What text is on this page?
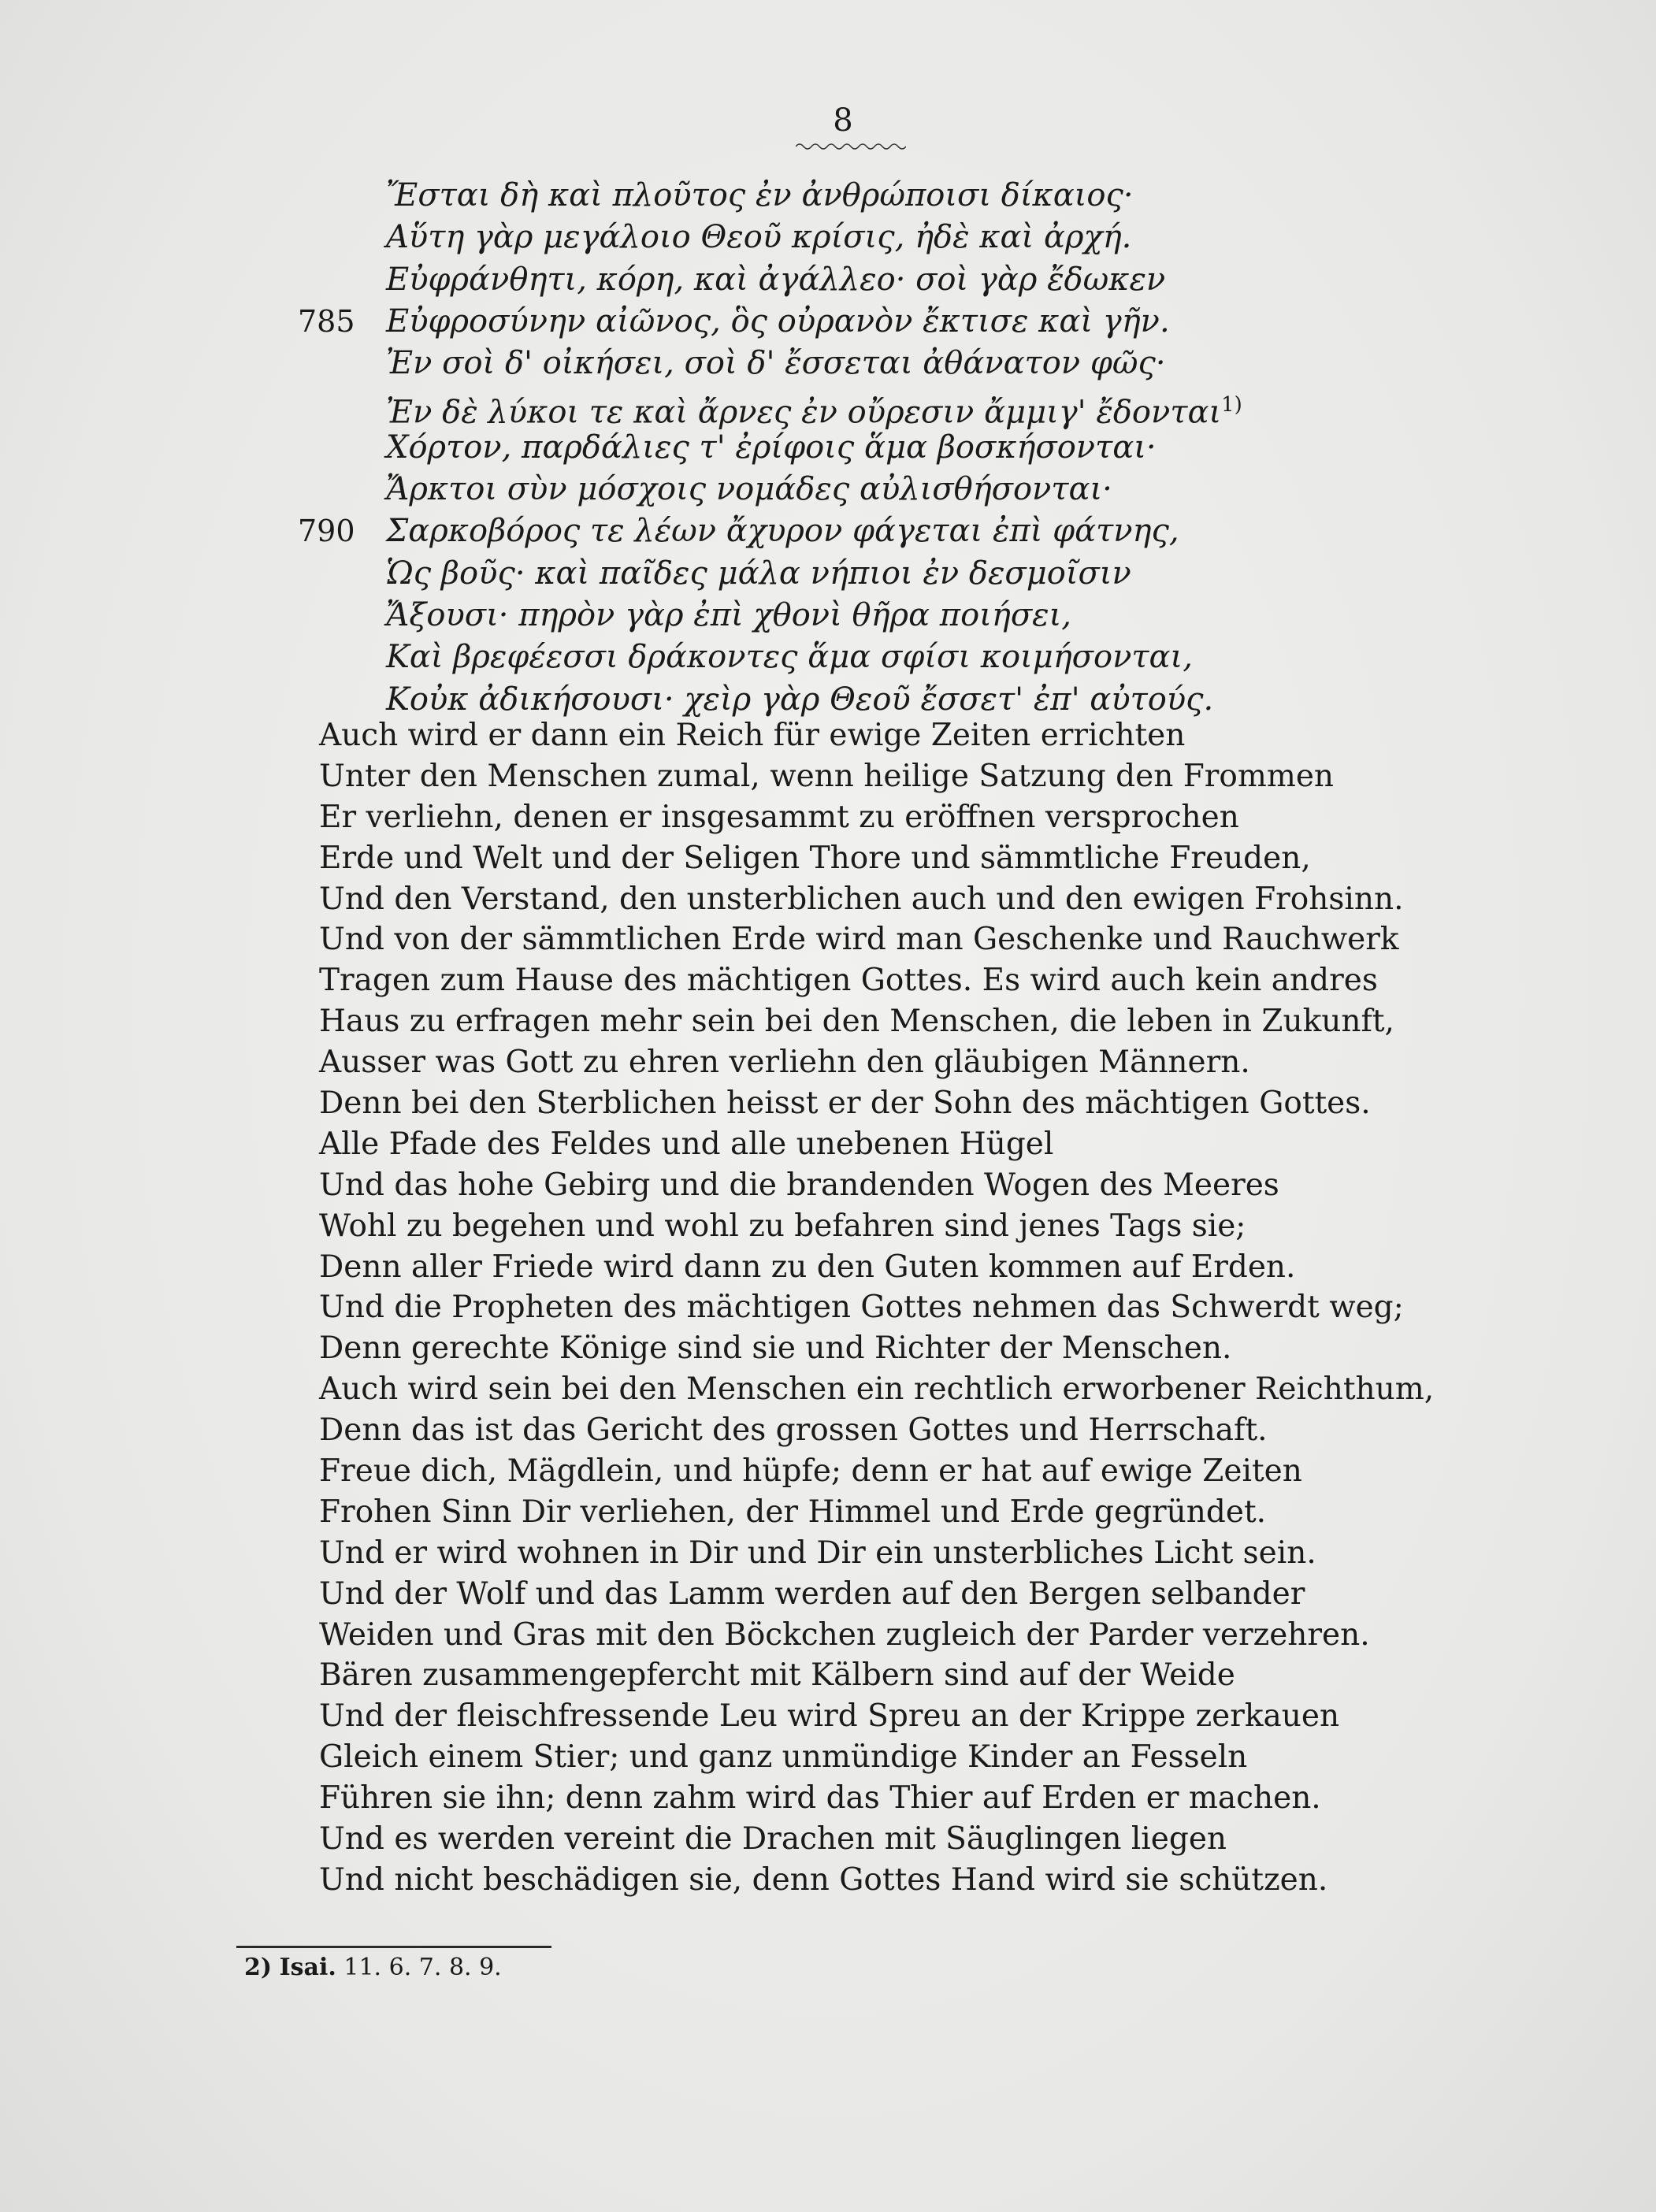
8
Ἔσται δὴ καὶ πλοῦτος ἐν ἀνθρώποισι δίκαιος·
Αὕτη γὰρ μεγάλοιο Θεοῦ κρίσις, ἠδὲ καὶ ἀρχή.
Εὐφράνθητι, κόρη, καὶ ἀγάλλεο· σοὶ γὰρ ἔδωκεν
785 Εὐφροσύνην αἰῶνος, ὃς οὐρανὸν ἔκτισε καὶ γῆν.
Ἐν σοὶ δ' οἰκήσει, σοὶ δ' ἔσσεται ἀθάνατον φῶς·
Ἐν δὲ λύκοι τε καὶ ἄρνες ἐν οὔρεσιν ἄμμιγ' ἔδονται$^{1)}$
Χόρτον, παρδάλιες τ' ἐρίφοις ἅμα βοσκήσονται·
Ἄρκτοι σὺν μόσχοις νομάδες αὐλισθήσονται·
790 Σαρκοβόρος τε λέων ἄχυρον φάγεται ἐπὶ φάτνης,
Ὡς βοῦς· καὶ παῖδες μάλα νήπιοι ἐν δεσμοῖσιν
Ἄξουσι· πηρὸν γὰρ ἐπὶ χθονὶ θῆρα ποιήσει,
Καὶ βρεφέεσσι δράκοντες ἅμα σφίσι κοιμήσονται,
Κοὐκ ἀδικήσουσι· χεὶρ γὰρ Θεοῦ ἔσσετ' ἐπ' αὐτούς.
Auch wird er dann ein Reich für ewige Zeiten errichten
Unter den Menschen zumal, wenn heilige Satzung den Frommen
Er verliehn, denen er insgesammt zu eröffnen versprochen
Erde und Welt und der Seligen Thore und sämmtliche Freuden,
Und den Verstand, den unsterblichen auch und den ewigen Frohsinn.
Und von der sämmtlichen Erde wird man Geschenke und Rauchwerk
Tragen zum Hause des mächtigen Gottes. Es wird auch kein andres
Haus zu erfragen mehr sein bei den Menschen, die leben in Zukunft,
Ausser was Gott zu ehren verliehn den gläubigen Männern.
Denn bei den Sterblichen heisst er der Sohn des mächtigen Gottes.
Alle Pfade des Feldes und alle unebenen Hügel
Und das hohe Gebirg und die brandenden Wogen des Meeres
Wohl zu begehen und wohl zu befahren sind jenes Tags sie;
Denn aller Friede wird dann zu den Guten kommen auf Erden.
Und die Propheten des mächtigen Gottes nehmen das Schwerdt weg;
Denn gerechte Könige sind sie und Richter der Menschen.
Auch wird sein bei den Menschen ein rechtlich erworbener Reichthum,
Denn das ist das Gericht des grossen Gottes und Herrschaft.
Freue dich, Mägdlein, und hüpfe; denn er hat auf ewige Zeiten
Frohen Sinn Dir verliehen, der Himmel und Erde gegründet.
Und er wird wohnen in Dir und Dir ein unsterbliches Licht sein.
Und der Wolf und das Lamm werden auf den Bergen selbander
Weiden und Gras mit den Böckchen zugleich der Parder verzehren.
Bären zusammengepfercht mit Kälbern sind auf der Weide
Und der fleischfressende Leu wird Spreu an der Krippe zerkauen
Gleich einem Stier; und ganz unmündige Kinder an Fesseln
Führen sie ihn; denn zahm wird das Thier auf Erden er machen.
Und es werden vereint die Drachen mit Säuglingen liegen
Und nicht beschädigen sie, denn Gottes Hand wird sie schützen.
2) Isai. 11. 6. 7. 8. 9.
